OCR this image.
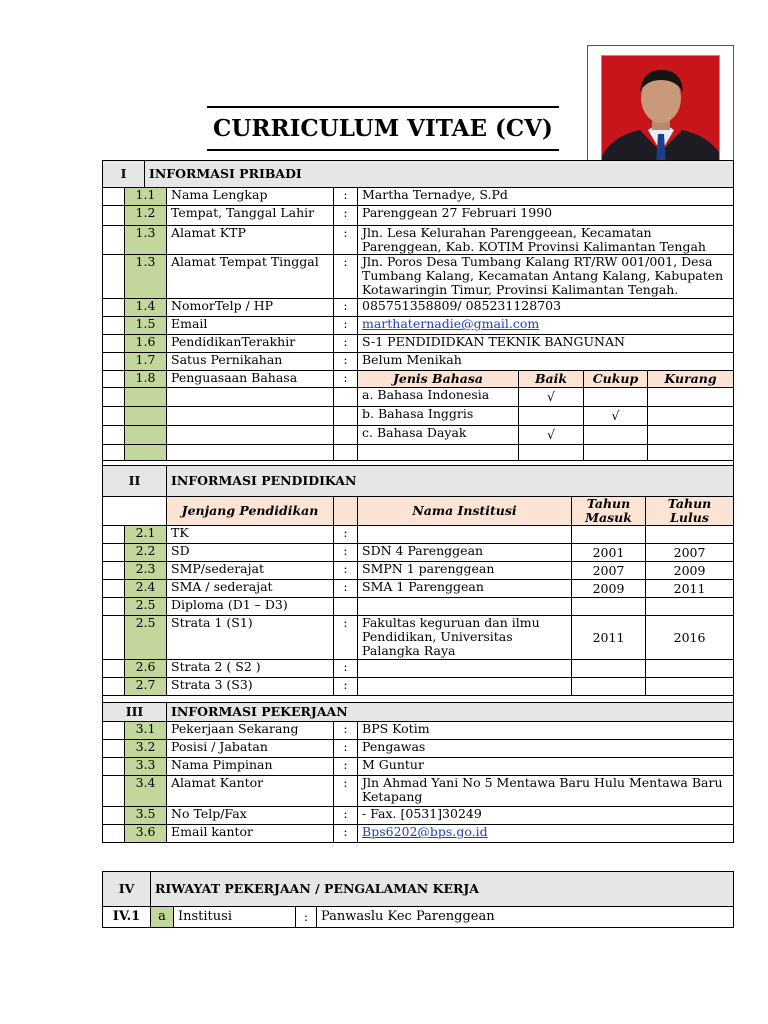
CURRICULUM VITAE (CV)
I	INFORMASI PRIBADI
	1.1	Nama Lengkap	:	Martha Ternadye, S.Pd			
	1.2	Tempat, Tanggal Lahir	:	Parenggean 27 Februari 1990			
	1.3	Alamat KTP	:	Jln. Lesa Kelurahan Parenggeean, Kecamatan Parenggean, Kab. KOTIM Provinsi Kalimantan Tengah			
	1.3	Alamat Tempat Tinggal	:	Jln. Poros Desa Tumbang Kalang RT/RW 001/001, Desa Tumbang Kalang, Kecamatan Antang Kalang, Kabupaten Kotawaringin Timur, Provinsi Kalimantan Tengah.			
	1.4	NomorTelp / HP	:	085751358809/ 085231128703			
	1.5	Email	:	marthaternadie@gmail.com			
	1.6	PendidikanTerakhir	:	S-1 PENDIDIDKAN TEKNIK BANGUNAN			
	1.7	Satus Pernikahan	:	Belum Menikah			
	1.8	Penguasaan Bahasa	:	Jenis Bahasa	Baik	Cukup	Kurang
				a. Bahasa Indonesia	√		
				b. Bahasa Inggris		√	
				c. Bahasa Dayak	√		

II		INFORMASI PENDIDIKAN				
		Jenjang Pendidikan		Nama Institusi	Tahun Masuk	Tahun Lulus
	2.1	TK	:			
	2.2	SD	:	SDN 4 Parenggean	2001	2007
	2.3	SMP/sederajat	:	SMPN 1 parenggean	2007	2009
	2.4	SMA / sederajat	:	SMA 1 Parenggean	2009	2011
	2.5	Diploma (D1 – D3)				
	2.5	Strata 1 (S1)	:	Fakultas keguruan dan ilmu Pendidikan, Universitas Palangka Raya	2011	2016
	2.6	Strata 2 ( S2 )	:			
	2.7	Strata 3 (S3)	:			

III		INFORMASI PEKERJAAN		
	3.1	Pekerjaan Sekarang	:	BPS Kotim
	3.2	Posisi / Jabatan	:	Pengawas
	3.3	Nama Pimpinan	:	M Guntur
	3.4	Alamat Kantor	:	Jln Ahmad Yani No 5 Mentawa Baru Hulu Mentawa Baru Ketapang
	3.5	No Telp/Fax	:	- Fax. [0531]30249
	3.6	Email kantor	:	Bps6202@bps.go.id
IV	RIWAYAT PEKERJAAN / PENGALAMAN KERJA			
IV.1	a	Institusi	:	Panwaslu Kec Parenggean
